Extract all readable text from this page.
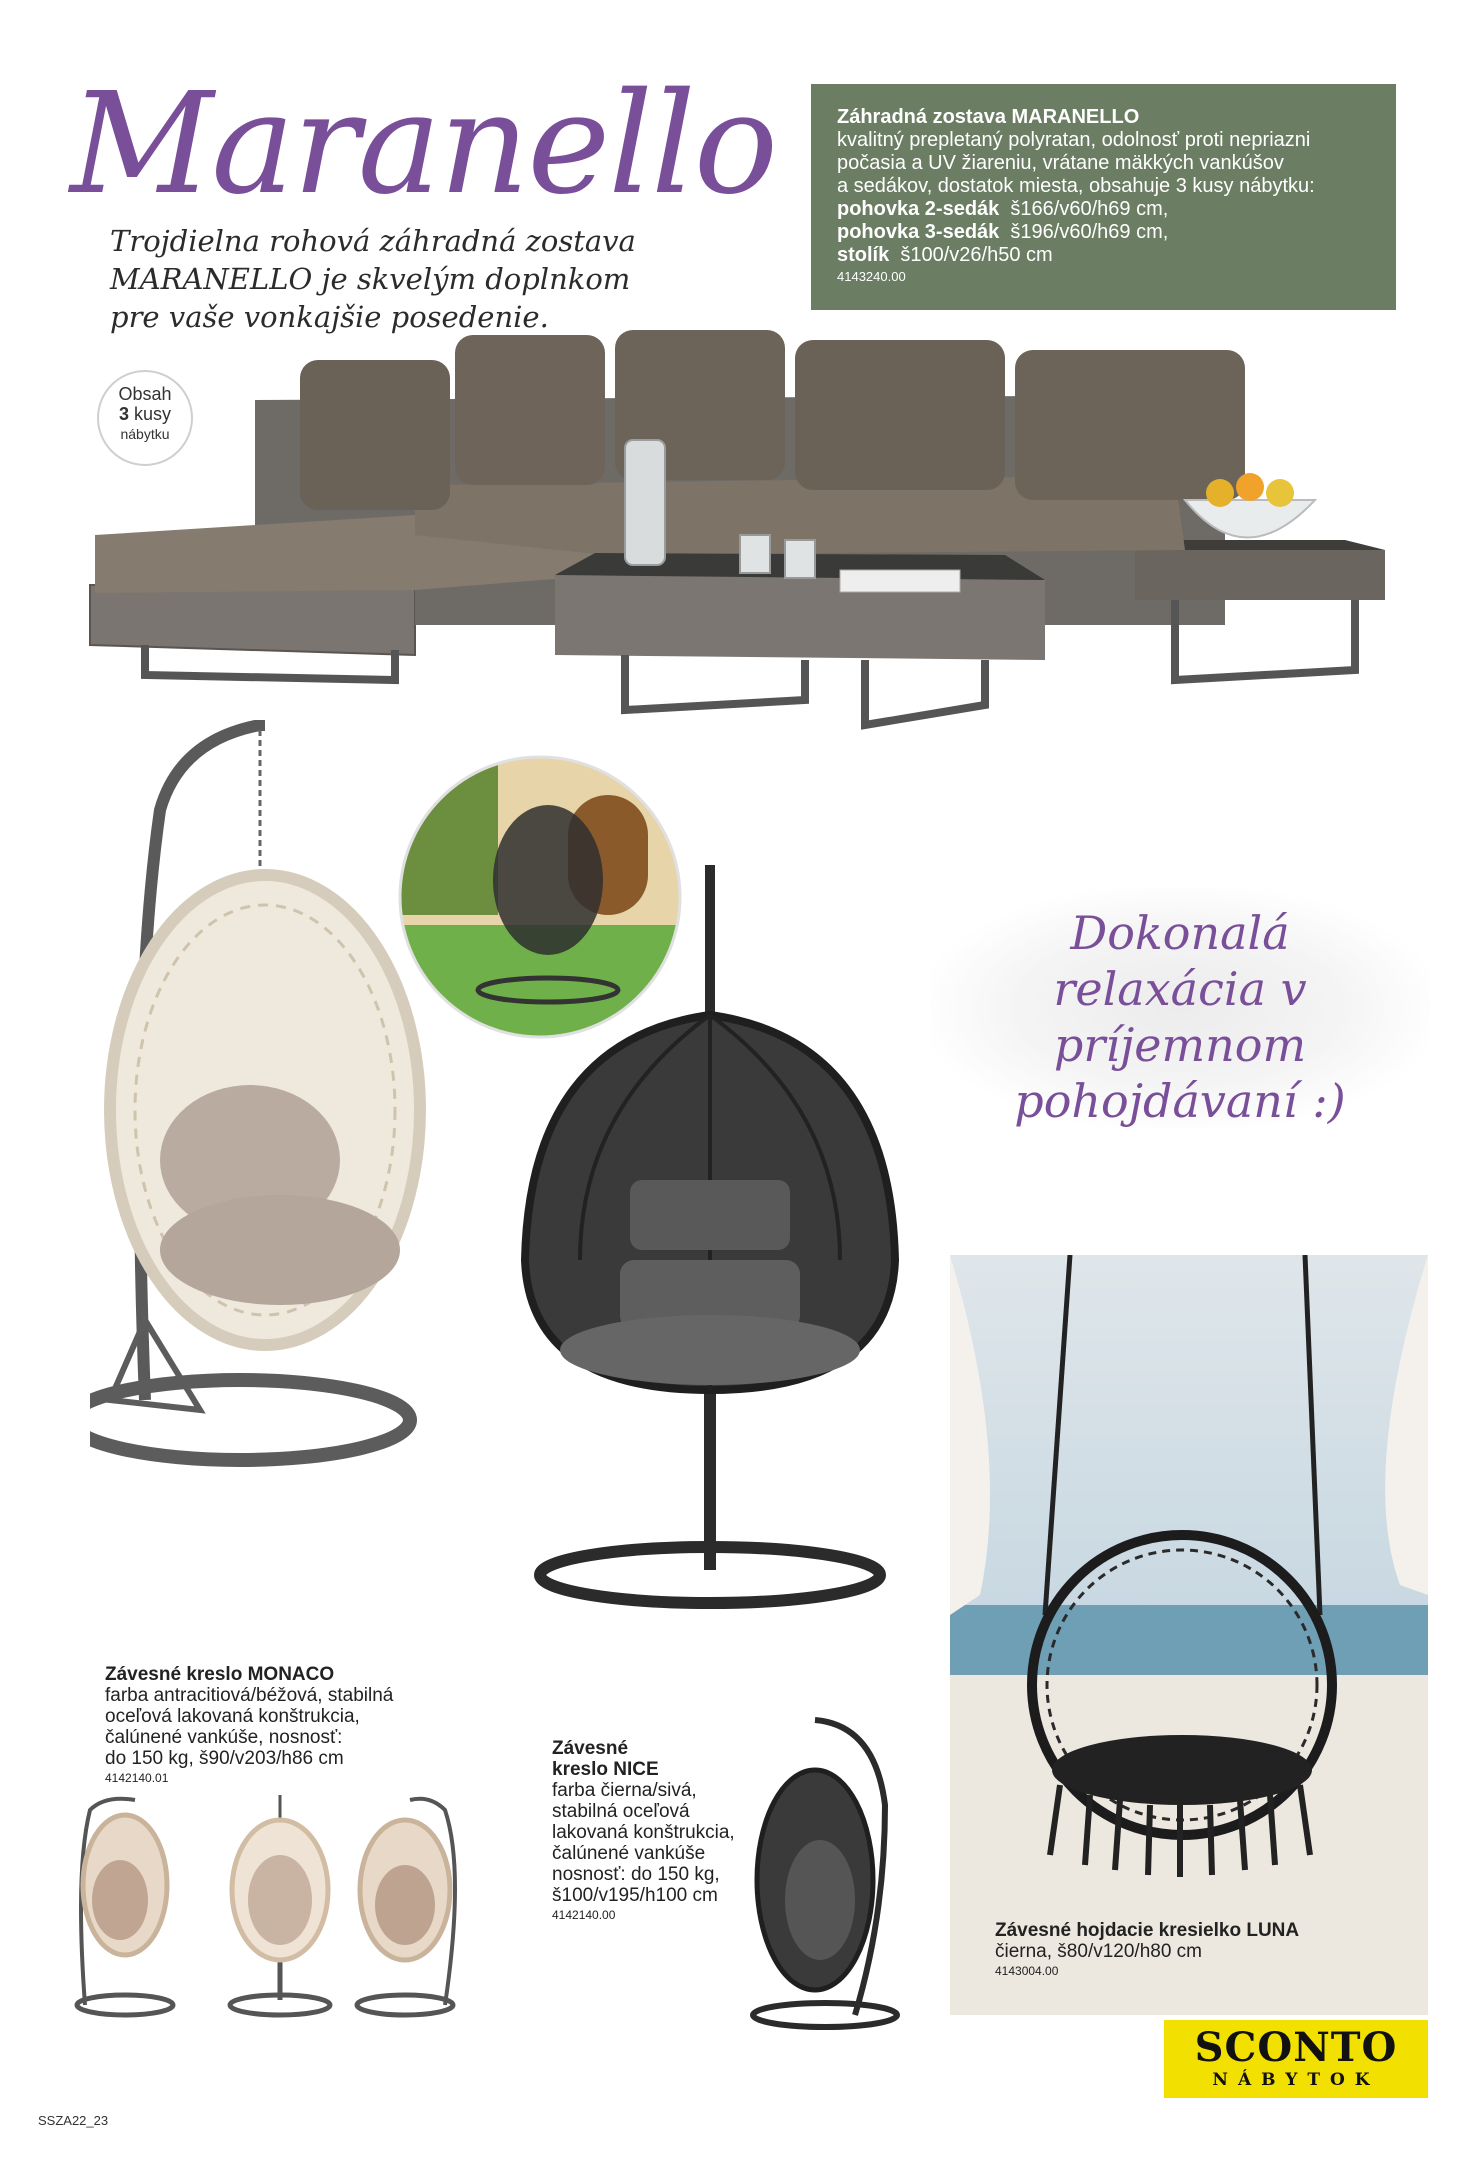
Maranello
Trojdielna rohová záhradná zostava
MARANELLO je skvelým doplnkom
pre vaše vonkajšie posedenie.
Záhradná zostava MARANELLO
kvalitný prepletaný polyratan, odolnosť proti nepriazni
počasia a UV žiareniu, vrátane mäkkých vankúšov
a sedákov, dostatok miesta, obsahuje 3 kusy nábytku:
pohovka 2-sedák š166/v60/h69 cm,
pohovka 3-sedák š196/v60/h69 cm,
stolík š100/v26/h50 cm
4143240.00
Obsah
3 kusy
nábytku
Dokonalá
relaxácia v príjemnom
pohojdávaní :)
Závesné kreslo MONACO
farba antracitiová/béžová, stabilná
oceľová lakovaná konštrukcia,
čalúnené vankúše, nosnosť:
do 150 kg, š90/v203/h86 cm
4142140.01
Závesné
kreslo NICE
farba čierna/sivá,
stabilná oceľová
lakovaná konštrukcia,
čalúnené vankúše
nosnosť: do 150 kg,
š100/v195/h100 cm
4142140.00
Závesné hojdacie kresielko LUNA
čierna, š80/v120/h80 cm
4143004.00
SCONTO
NÁBYTOK
SSZA22_23
